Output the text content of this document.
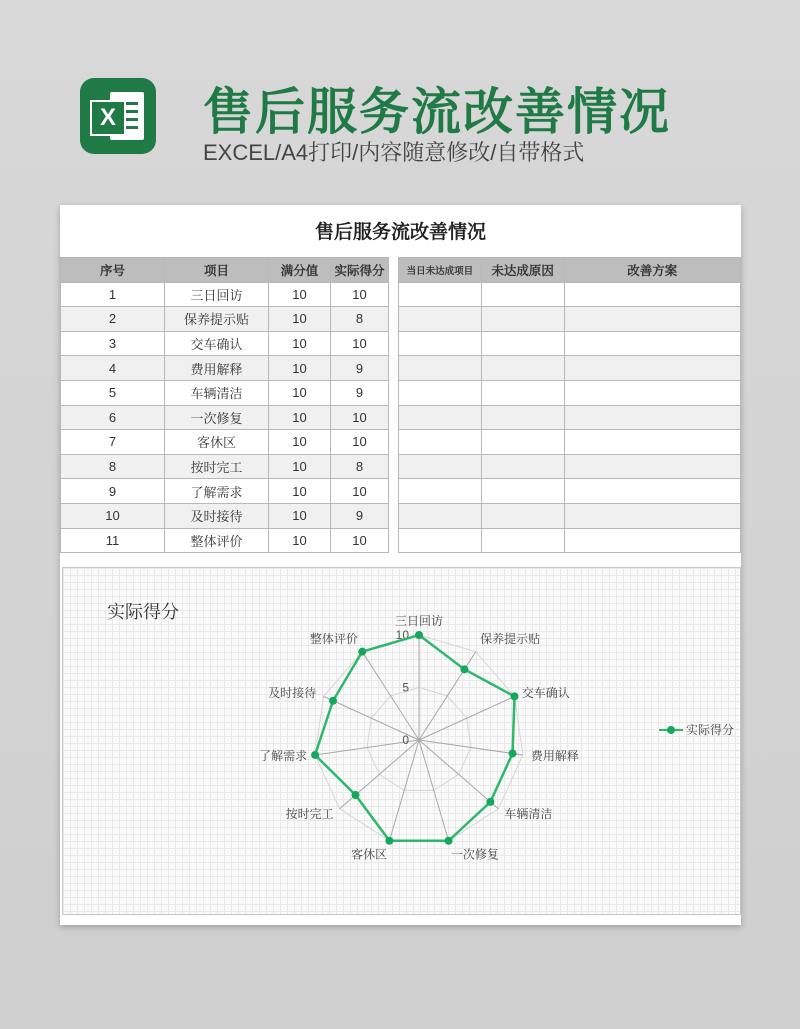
X 售后服务流改善情况
EXCEL/A4打印/内容随意修改/自带格式
售后服务流改善情况
序号	项目	满分值	实际得分
1	三日回访	10	10
2	保养提示贴	10	8
3	交车确认	10	10
4	费用解释	10	9
5	车辆清洁	10	9
6	一次修复	10	10
7	客休区	10	10
8	按时完工	10	8
9	了解需求	10	10
10	及时接待	10	9
11	整体评价	10	10
当日未达成项目	未达成原因	改善方案

实际得分
0
5
10
三日回访
保养提示贴
交车确认
费用解释
车辆清洁
一次修复
客休区
按时完工
了解需求
及时接待
整体评价
实际得分
